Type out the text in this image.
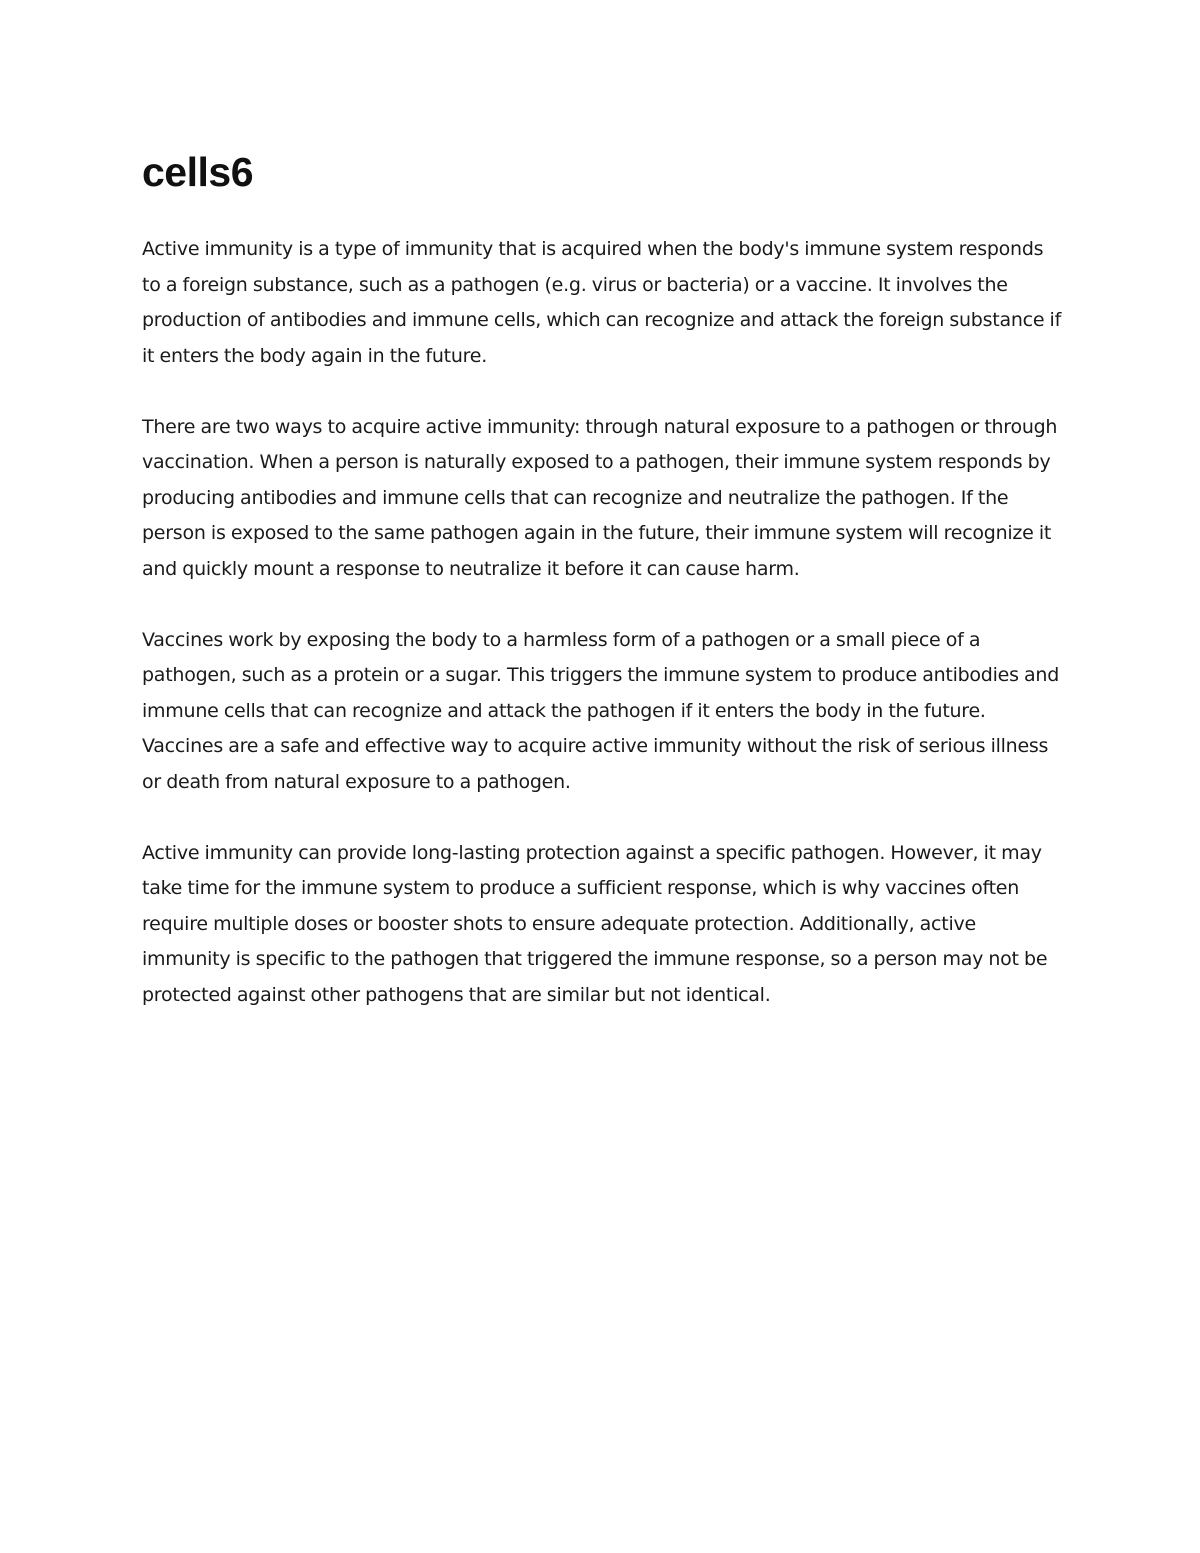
cells6

Active immunity is a type of immunity that is acquired when the body's immune system responds to a foreign substance, such as a pathogen (e.g. virus or bacteria) or a vaccine. It involves the production of antibodies and immune cells, which can recognize and attack the foreign substance if it enters the body again in the future.

There are two ways to acquire active immunity: through natural exposure to a pathogen or through vaccination. When a person is naturally exposed to a pathogen, their immune system responds by producing antibodies and immune cells that can recognize and neutralize the pathogen. If the person is exposed to the same pathogen again in the future, their immune system will recognize it and quickly mount a response to neutralize it before it can cause harm.

Vaccines work by exposing the body to a harmless form of a pathogen or a small piece of a pathogen, such as a protein or a sugar. This triggers the immune system to produce antibodies and immune cells that can recognize and attack the pathogen if it enters the body in the future. Vaccines are a safe and effective way to acquire active immunity without the risk of serious illness or death from natural exposure to a pathogen.

Active immunity can provide long-lasting protection against a specific pathogen. However, it may take time for the immune system to produce a sufficient response, which is why vaccines often require multiple doses or booster shots to ensure adequate protection. Additionally, active immunity is specific to the pathogen that triggered the immune response, so a person may not be protected against other pathogens that are similar but not identical.
